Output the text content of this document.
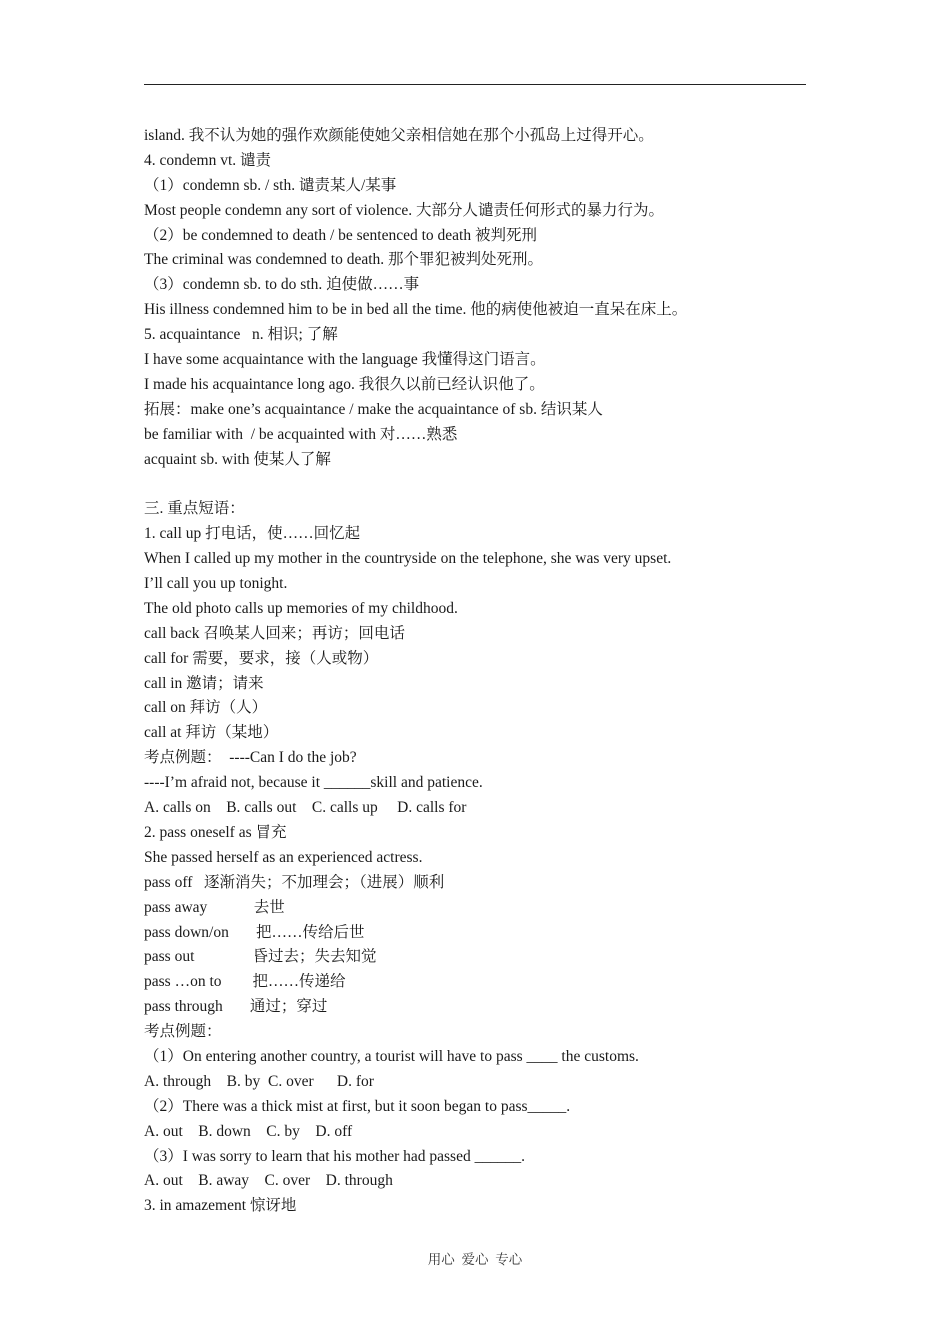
island. 我不认为她的强作欢颜能使她父亲相信她在那个小孤岛上过得开心。
4. condemn vt. 谴责
（1）condemn sb. / sth. 谴责某人/某事
Most people condemn any sort of violence. 大部分人谴责任何形式的暴力行为。
（2）be condemned to death / be sentenced to death 被判死刑
The criminal was condemned to death. 那个罪犯被判处死刑。
（3）condemn sb. to do sth. 迫使做……事
His illness condemned him to be in bed all the time. 他的病使他被迫一直呆在床上。
5. acquaintance   n. 相识; 了解
I have some acquaintance with the language 我懂得这门语言。
I made his acquaintance long ago. 我很久以前已经认识他了。
拓展：make one’s acquaintance / make the acquaintance of sb. 结识某人
be familiar with  / be acquainted with 对……熟悉
acquaint sb. with 使某人了解
三. 重点短语：
1. call up 打电话，使……回忆起
When I called up my mother in the countryside on the telephone, she was very upset.
I’ll call you up tonight.
The old photo calls up memories of my childhood.
call back 召唤某人回来；再访；回电话
call for 需要，要求，接（人或物）
call in 邀请；请来
call on 拜访（人）
call at 拜访（某地）
考点例题：  ----Can I do the job?
----I’m afraid not, because it ______skill and patience.
A. calls on    B. calls out    C. calls up     D. calls for
2. pass oneself as 冒充
She passed herself as an experienced actress.
pass off   逐渐消失；不加理会；（进展）顺利
pass away            去世
pass down/on       把……传给后世
pass out               昏过去；失去知觉
pass …on to        把……传递给
pass through       通过；穿过
考点例题：
（1）On entering another country, a tourist will have to pass ____ the customs.
A. through    B. by  C. over      D. for
（2）There was a thick mist at first, but it soon began to pass_____.
A. out    B. down    C. by    D. off
（3）I was sorry to learn that his mother had passed ______.
A. out    B. away    C. over    D. through
3. in amazement 惊讶地
用心  爱心  专心
